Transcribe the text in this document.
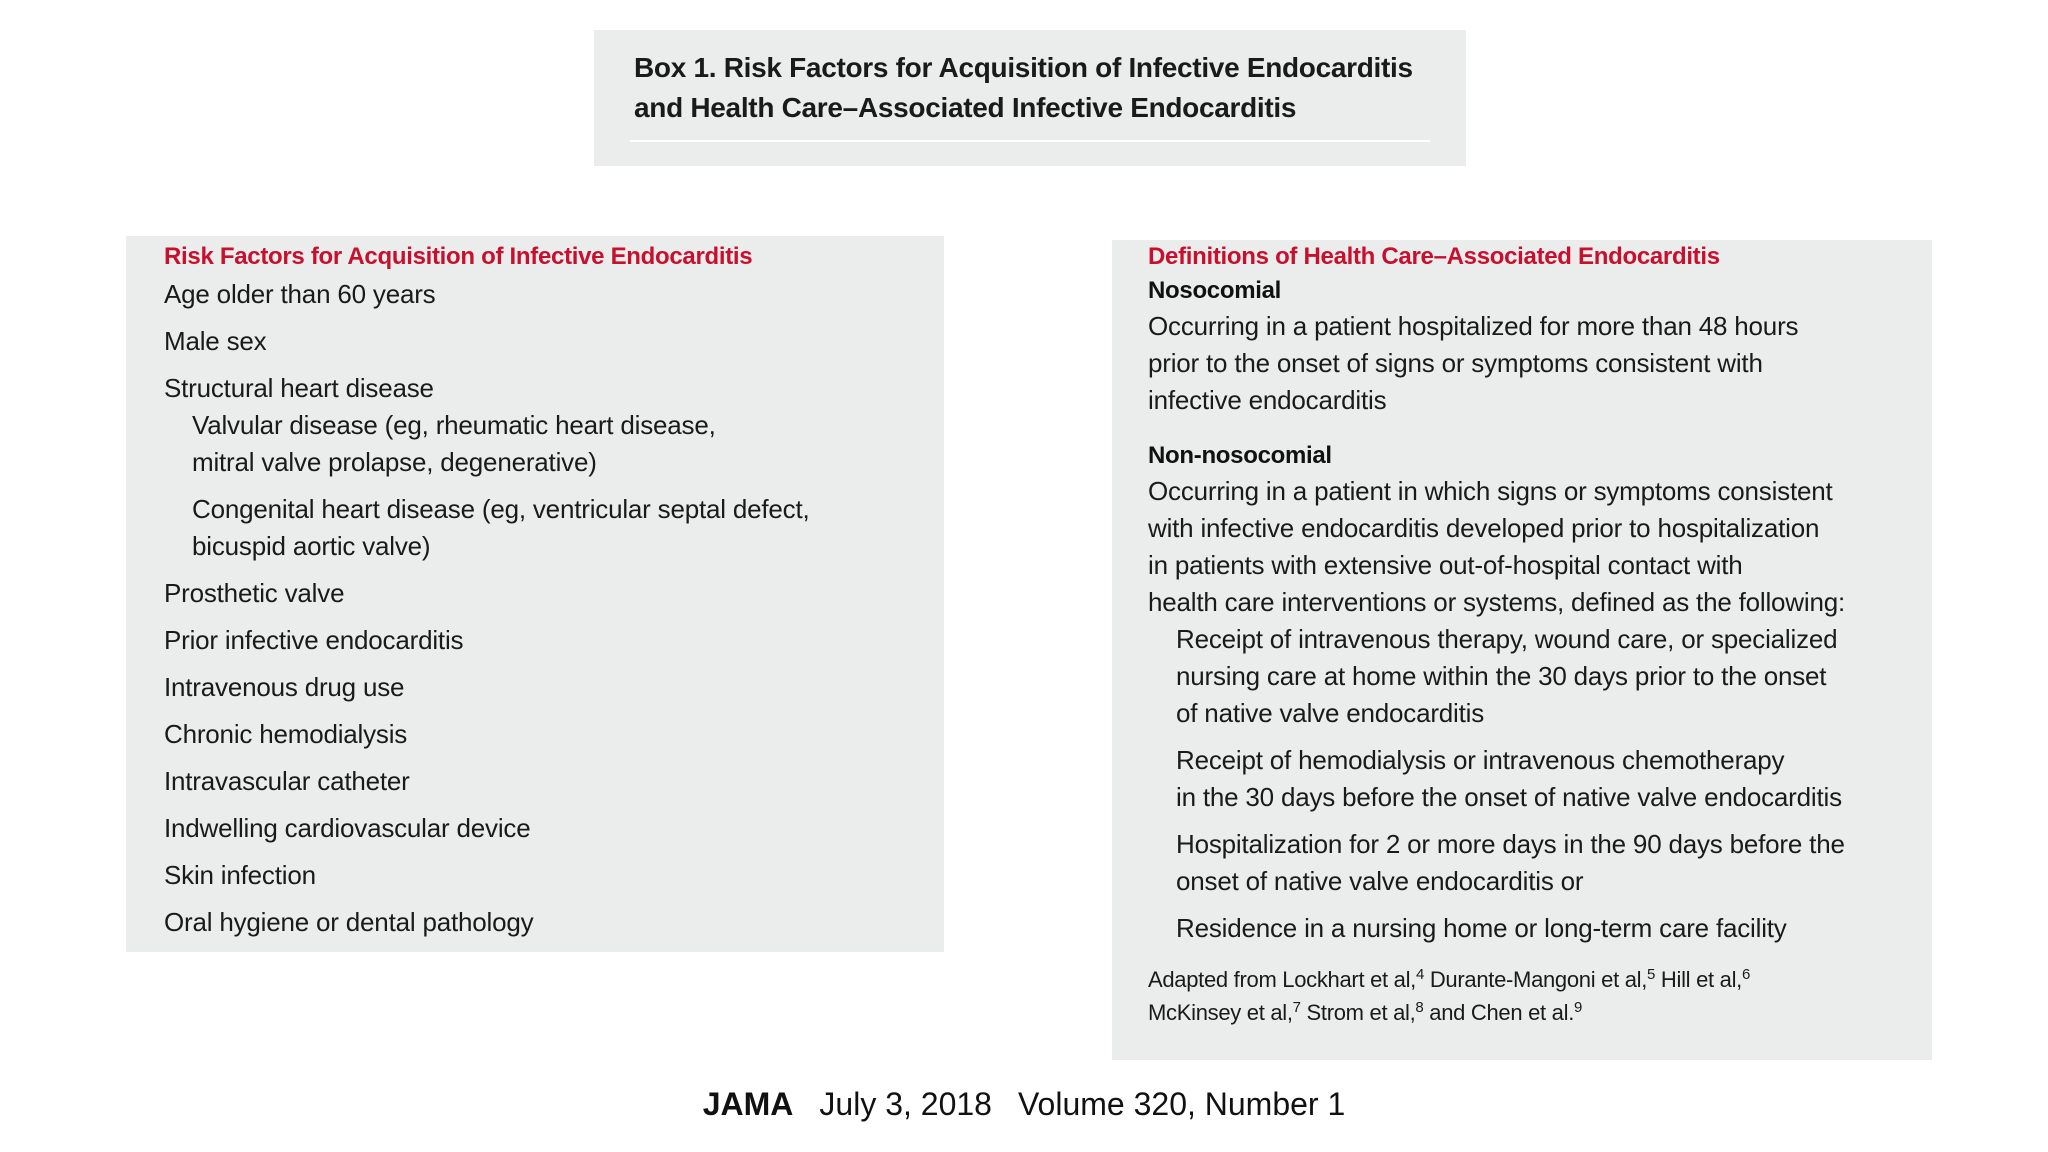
Box 1. Risk Factors for Acquisition of Infective Endocarditis
and Health Care–Associated Infective Endocarditis
Risk Factors for Acquisition of Infective Endocarditis
Age older than 60 years
Male sex
Structural heart disease
Valvular disease (eg, rheumatic heart disease,
mitral valve prolapse, degenerative)
Congenital heart disease (eg, ventricular septal defect,
bicuspid aortic valve)
Prosthetic valve
Prior infective endocarditis
Intravenous drug use
Chronic hemodialysis
Intravascular catheter
Indwelling cardiovascular device
Skin infection
Oral hygiene or dental pathology
Definitions of Health Care–Associated Endocarditis
Nosocomial
Occurring in a patient hospitalized for more than 48 hours
prior to the onset of signs or symptoms consistent with
infective endocarditis
Non-nosocomial
Occurring in a patient in which signs or symptoms consistent
with infective endocarditis developed prior to hospitalization
in patients with extensive out-of-hospital contact with
health care interventions or systems, defined as the following:
Receipt of intravenous therapy, wound care, or specialized
nursing care at home within the 30 days prior to the onset
of native valve endocarditis
Receipt of hemodialysis or intravenous chemotherapy
in the 30 days before the onset of native valve endocarditis
Hospitalization for 2 or more days in the 90 days before the
onset of native valve endocarditis or
Residence in a nursing home or long-term care facility
Adapted from Lockhart et al,$^4$ Durante-Mangoni et al,$^5$ Hill et al,$^6$
McKinsey et al,$^7$ Strom et al,$^8$ and Chen et al.$^9$
JAMA July 3, 2018 Volume 320, Number 1
